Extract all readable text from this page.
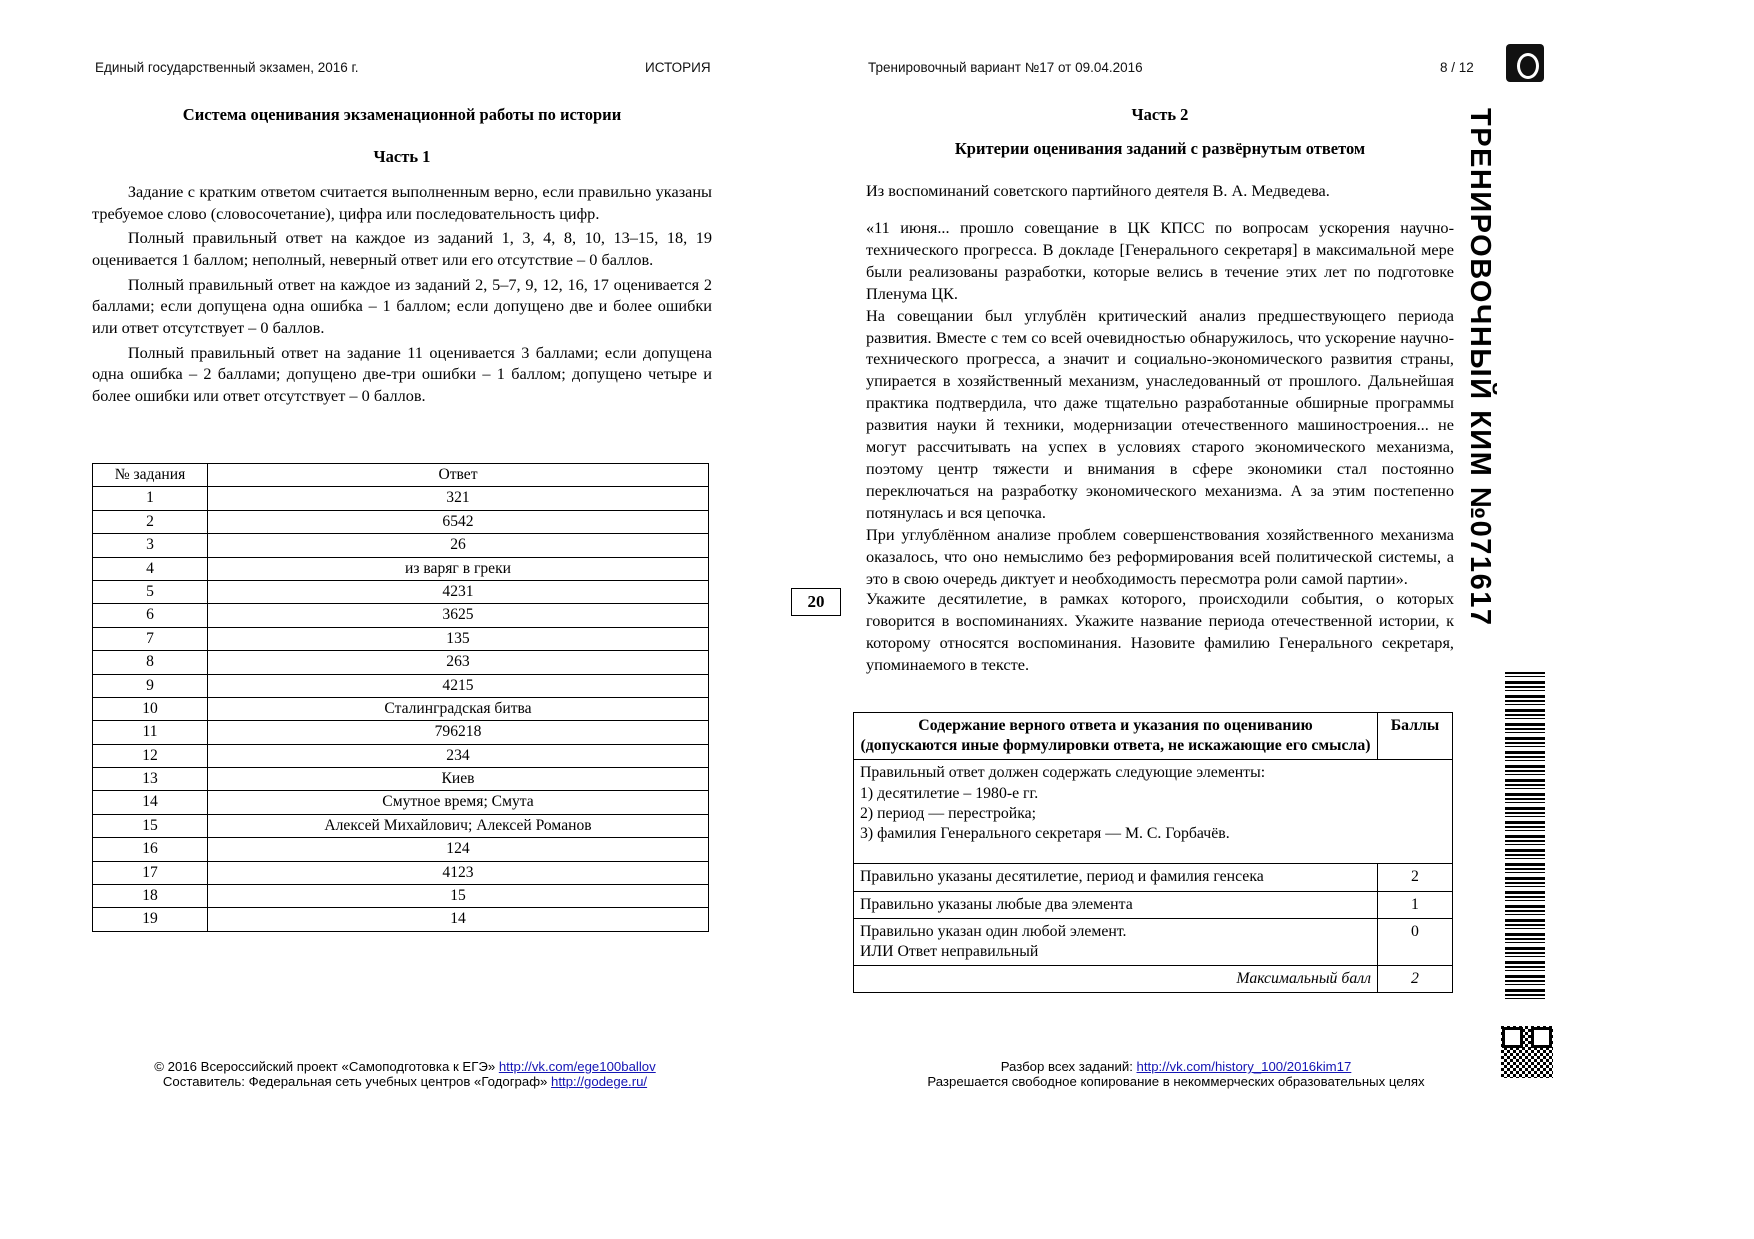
Единый государственный экзамен, 2016 г.	ИСТОРИЯ	Тренировочный вариант №17 от 09.04.2016	8 / 12
Система оценивания экзаменационной работы по истории
Часть 1

Задание с кратким ответом считается выполненным верно, если правильно указаны требуемое слово (словосочетание), цифра или последовательность цифр.

Полный правильный ответ на каждое из заданий 1, 3, 4, 8, 10, 13–15, 18, 19 оценивается 1 баллом; неполный, неверный ответ или его отсутствие – 0 баллов.

Полный правильный ответ на каждое из заданий 2, 5–7, 9, 12, 16, 17 оценивается 2 баллами; если допущена одна ошибка – 1 баллом; если допущено две и более ошибки или ответ отсутствует – 0 баллов.

Полный правильный ответ на задание 11 оценивается 3 баллами; если допущена одна ошибка – 2 баллами; допущено две-три ошибки – 1 баллом; допущено четыре и более ошибки или ответ отсутствует – 0 баллов.

№ задания	Ответ
1	321
2	6542
3	26
4	из варяг в греки
5	4231
6	3625
7	135
8	263
9	4215
10	Сталинградская битва
11	796218
12	234
13	Киев
14	Смутное время; Смута
15	Алексей Михайлович; Алексей Романов
16	124
17	4123
18	15
19	14
Часть 2
Критерии оценивания заданий с развёрнутым ответом
Из воспоминаний советского партийного деятеля В. А. Медведева.

«11 июня... прошло совещание в ЦК КПСС по вопросам ускорения научно-технического прогресса. В докладе [Генерального секретаря] в максимальной мере были реализованы разработки, которые велись в течение этих лет по подготовке Пленума ЦК.

На совещании был углублён критический анализ предшествующего периода развития. Вместе с тем со всей очевидностью обнаружилось, что ускорение научно-технического прогресса, а значит и социально-экономического развития страны, упирается в хозяйственный механизм, унаследованный от прошлого. Дальнейшая практика подтвердила, что даже тщательно разработанные обширные программы развития науки й техники, модернизации отечественного машиностроения... не могут рассчитывать на успех в условиях старого экономического механизма, поэтому центр тяжести и внимания в сфере экономики стал постоянно переключаться на разработку экономического механизма. А за этим постепенно потянулась и вся цепочка.

При углублённом анализе проблем совершенствования хозяйственного механизма оказалось, что оно немыслимо без реформирования всей политической системы, а это в свою очередь диктует и необходимость пересмотра роли самой партии».

20	Укажите десятилетие, в рамках которого, происходили события, о которых говорится в воспоминаниях. Укажите название периода отечественной истории, к которому относятся воспоминания. Назовите фамилию Генерального секретаря, упоминаемого в тексте.
Содержание верного ответа и указания по оцениванию
(допускаются иные формулировки ответа, не искажающие его смысла)	Баллы

Правильный ответ должен содержать следующие элементы:
1) десятилетие – 1980-е гг.
2) период — перестройка;
3) фамилия Генерального секретаря — М. С. Горбачёв.	

Правильно указаны десятилетие, период и фамилия генсека	2

Правильно указаны любые два элемента	1

Правильно указан один любой элемент.
ИЛИ Ответ неправильный	0
Максимальный балл	2
ТРЕНИРОВОЧНЫЙ КИМ №071617
© 2016 Всероссийский проект «Самоподготовка к ЕГЭ» http://vk.com/ege100ballov
Составитель: Федеральная сеть учебных центров «Годограф» http://godege.ru/
Разбор всех заданий: http://vk.com/history_100/2016kim17
Разрешается свободное копирование в некоммерческих образовательных целях
